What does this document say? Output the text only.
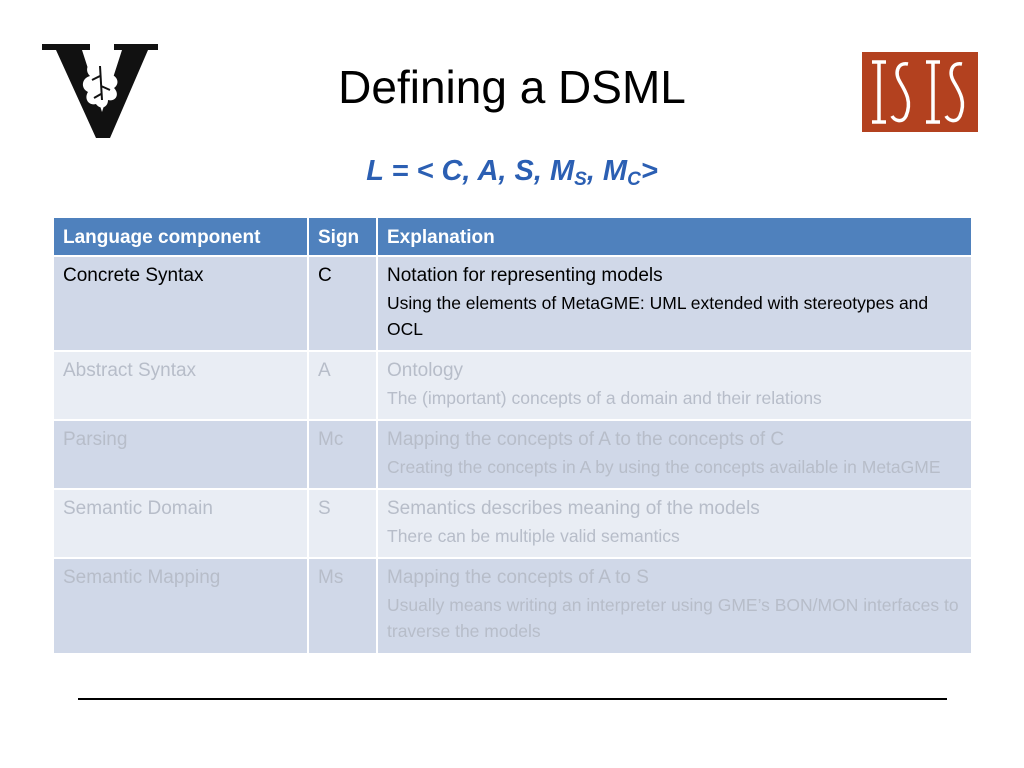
Defining a DSML
L = < C, A, S, $M_S$, $M_C>$
Language component	Sign	Explanation
Concrete Syntax	C	Notation for representing models
Using the elements of MetaGME: UML extended with stereotypes and OCL

Abstract Syntax	A	Ontology
The (important) concepts of a domain and their relations

Parsing	Mc	Mapping the concepts of A to the concepts of C
Creating the concepts in A by using the concepts available in MetaGME

Semantic Domain	S	Semantics describes meaning of the models
There can be multiple valid semantics

Semantic Mapping	Ms	Mapping the concepts of A to S
Usually means writing an interpreter using GME’s BON/MON interfaces to traverse the models
